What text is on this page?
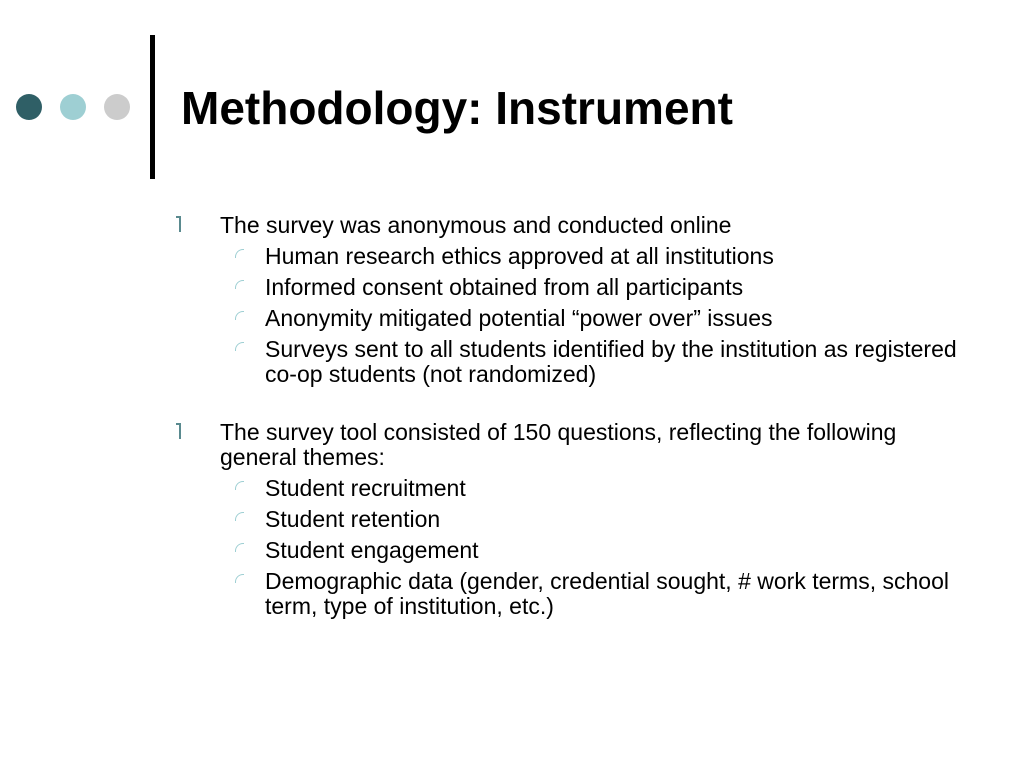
Methodology: Instrument
The survey was anonymous and conducted online
Human research ethics approved at all institutions
Informed consent obtained from all participants
Anonymity mitigated potential “power over” issues
Surveys sent to all students identified by the institution as registered co-op students (not randomized)
The survey tool consisted of 150 questions, reflecting the following general themes:
Student recruitment
Student retention
Student engagement
Demographic data (gender, credential sought, # work terms, school term, type of institution, etc.)
